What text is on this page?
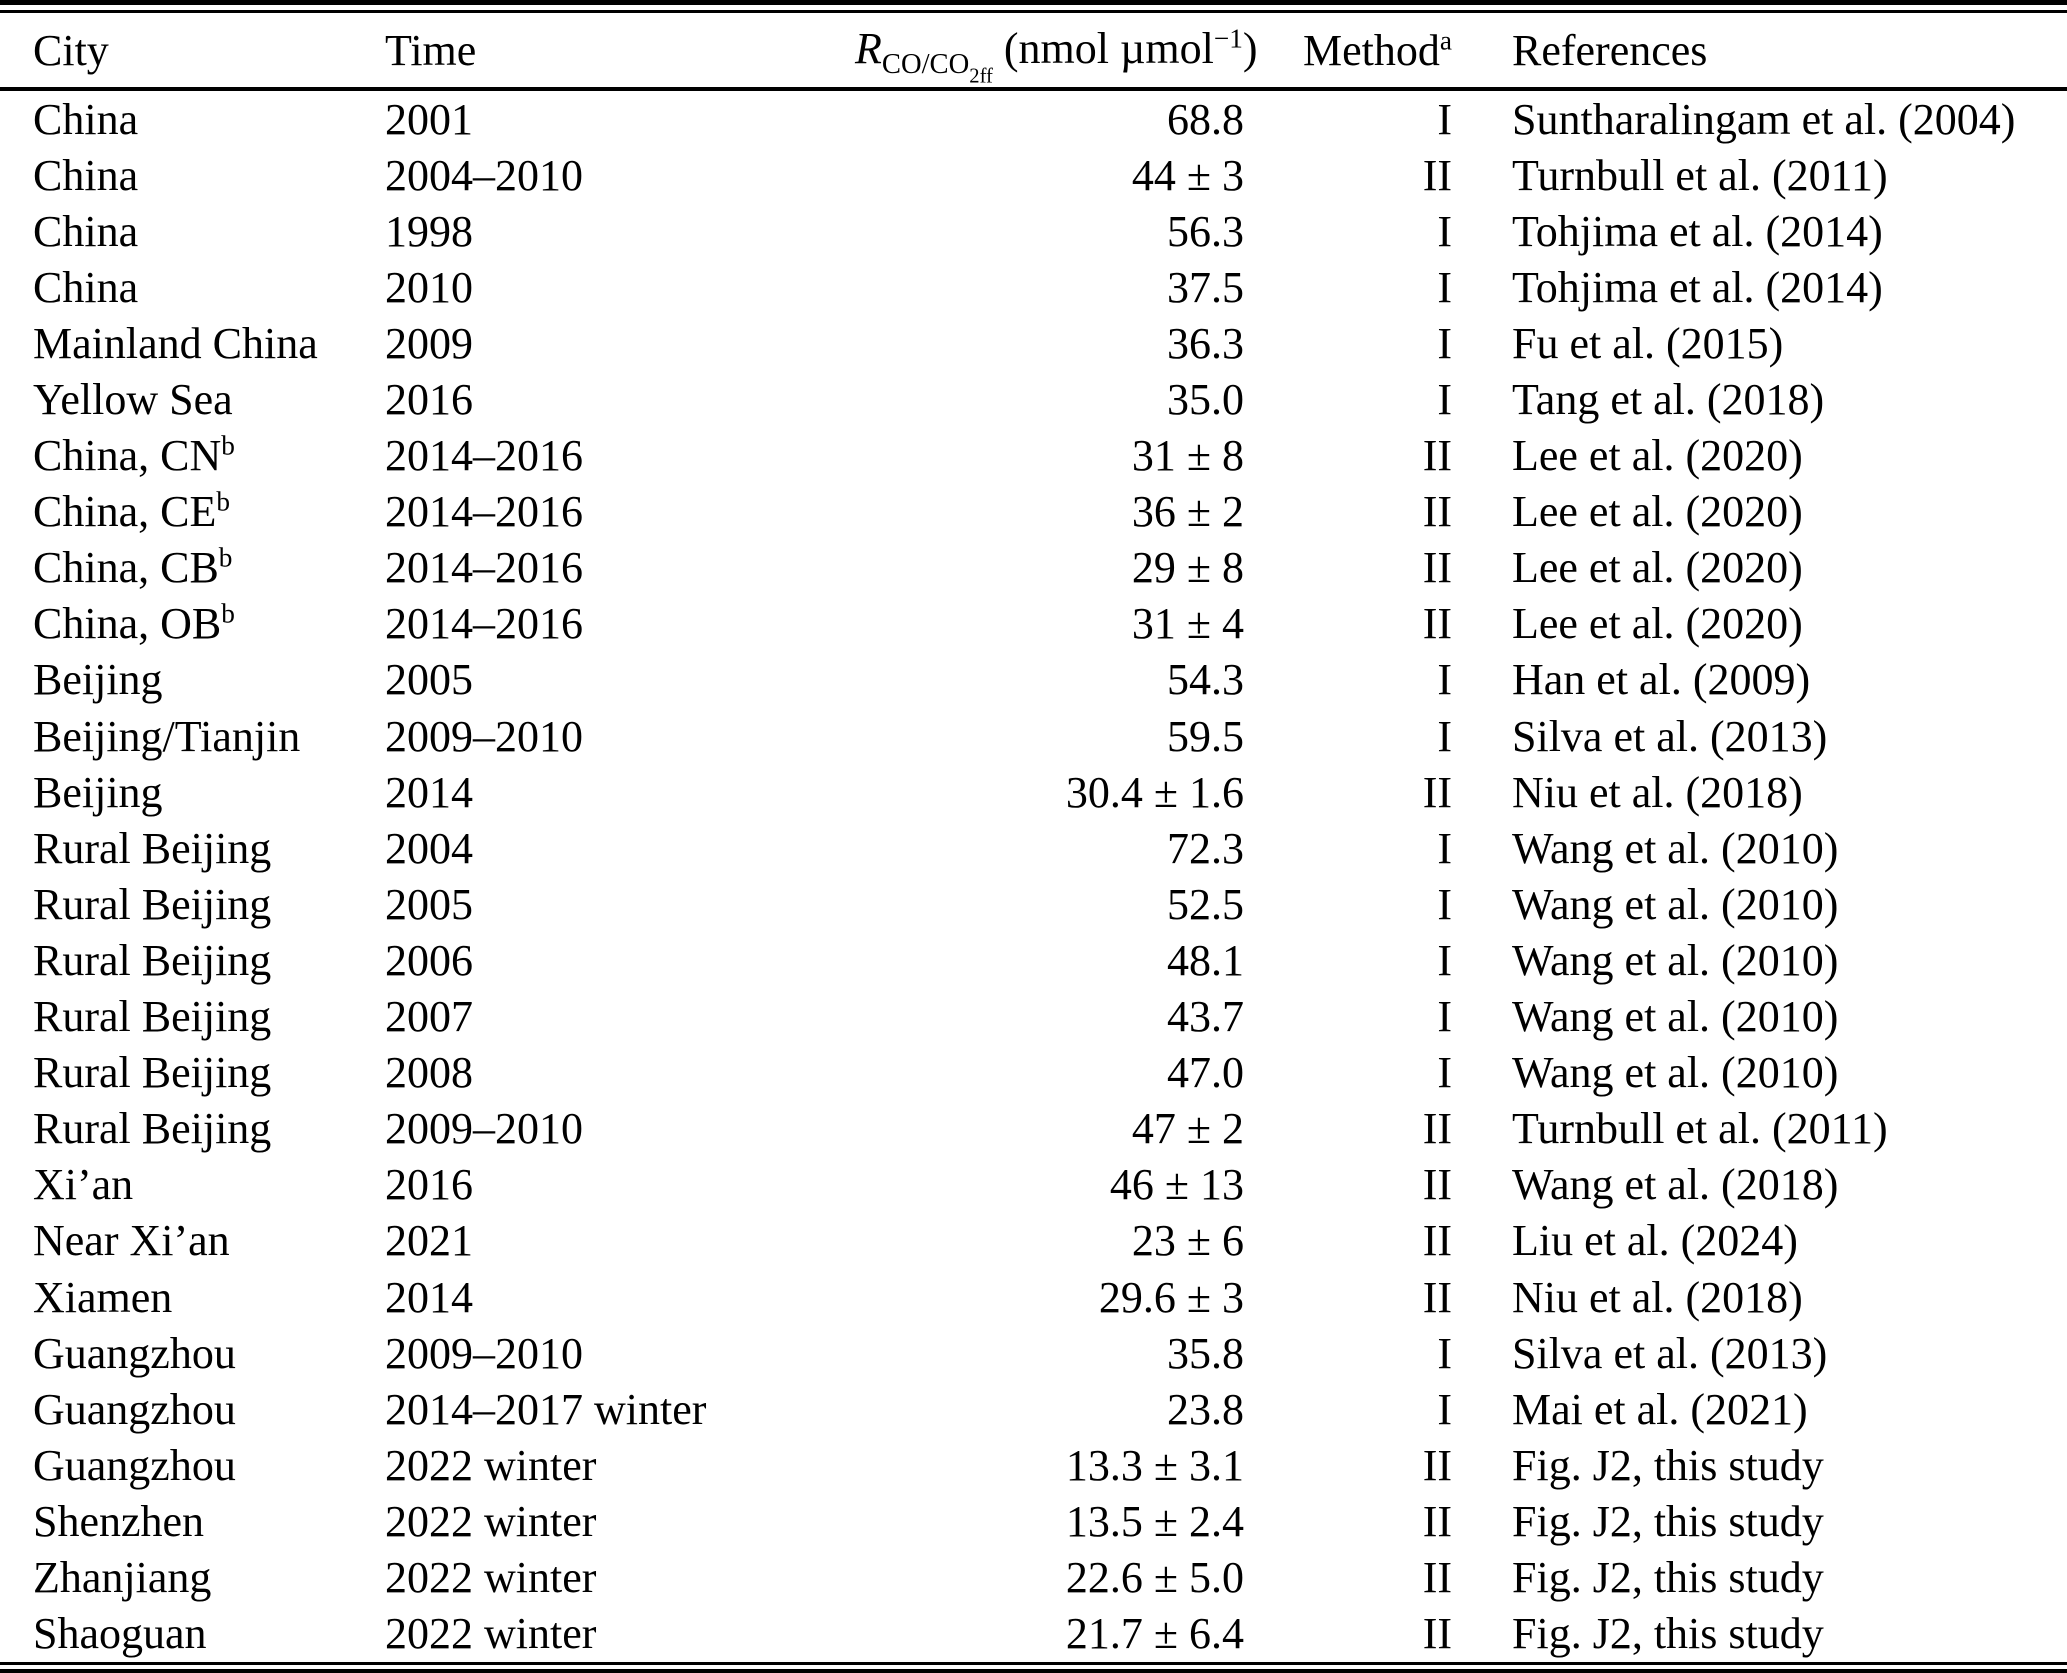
City	Time	$R_{CO/CO_{2ff}}$ (nmol µmol$^{-1}$)	Method$^a$	References
China	2001	68.8	I	Suntharalingam et al. (2004)
China	2004–2010	44 ± 3	II	Turnbull et al. (2011)
China	1998	56.3	I	Tohjima et al. (2014)
China	2010	37.5	I	Tohjima et al. (2014)
Mainland China	2009	36.3	I	Fu et al. (2015)
Yellow Sea	2016	35.0	I	Tang et al. (2018)
China, $CN^b$	2014–2016	31 ± 8	II	Lee et al. (2020)
China, $CE^b$	2014–2016	36 ± 2	II	Lee et al. (2020)
China, $CB^b$	2014–2016	29 ± 8	II	Lee et al. (2020)
China, $OB^b$	2014–2016	31 ± 4	II	Lee et al. (2020)
Beijing	2005	54.3	I	Han et al. (2009)
Beijing/Tianjin	2009–2010	59.5	I	Silva et al. (2013)
Beijing	2014	30.4 ± 1.6	II	Niu et al. (2018)
Rural Beijing	2004	72.3	I	Wang et al. (2010)
Rural Beijing	2005	52.5	I	Wang et al. (2010)
Rural Beijing	2006	48.1	I	Wang et al. (2010)
Rural Beijing	2007	43.7	I	Wang et al. (2010)
Rural Beijing	2008	47.0	I	Wang et al. (2010)
Rural Beijing	2009–2010	47 ± 2	II	Turnbull et al. (2011)
Xi’an	2016	46 ± 13	II	Wang et al. (2018)
Near Xi’an	2021	23 ± 6	II	Liu et al. (2024)
Xiamen	2014	29.6 ± 3	II	Niu et al. (2018)
Guangzhou	2009–2010	35.8	I	Silva et al. (2013)
Guangzhou	2014–2017 winter	23.8	I	Mai et al. (2021)
Guangzhou	2022 winter	13.3 ± 3.1	II	Fig. J2, this study
Shenzhen	2022 winter	13.5 ± 2.4	II	Fig. J2, this study
Zhanjiang	2022 winter	22.6 ± 5.0	II	Fig. J2, this study
Shaoguan	2022 winter	21.7 ± 6.4	II	Fig. J2, this study
